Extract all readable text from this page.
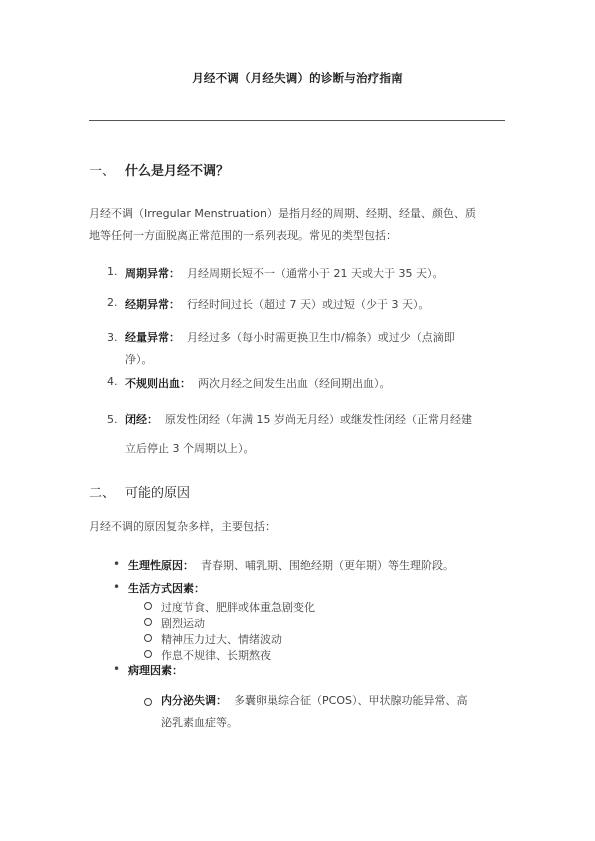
月经不调（月经失调）的诊断与治疗指南
一、 什么是月经不调？
月经不调（Irregular Menstruation）是指月经的周期、经期、经量、颜色、质
地等任何一方面脱离正常范围的一系列表现。常见的类型包括：
1. 周期异常： 月经周期长短不一（通常小于 21 天或大于 35 天）。
2. 经期异常： 行经时间过长（超过 7 天）或过短（少于 3 天）。
3. 经量异常： 月经过多（每小时需更换卫生巾/棉条）或过少（点滴即
净）。
4. 不规则出血： 两次月经之间发生出血（经间期出血）。
5. 闭经： 原发性闭经（年满 15 岁尚无月经）或继发性闭经（正常月经建
立后停止 3 个周期以上）。
二、 可能的原因
月经不调的原因复杂多样，主要包括：
• 生理性原因： 青春期、哺乳期、围绝经期（更年期）等生理阶段。
• 生活方式因素：
过度节食、肥胖或体重急剧变化
剧烈运动
精神压力过大、情绪波动
作息不规律、长期熬夜
• 病理因素：
内分泌失调： 多囊卵巢综合征（PCOS）、甲状腺功能异常、高
泌乳素血症等。
